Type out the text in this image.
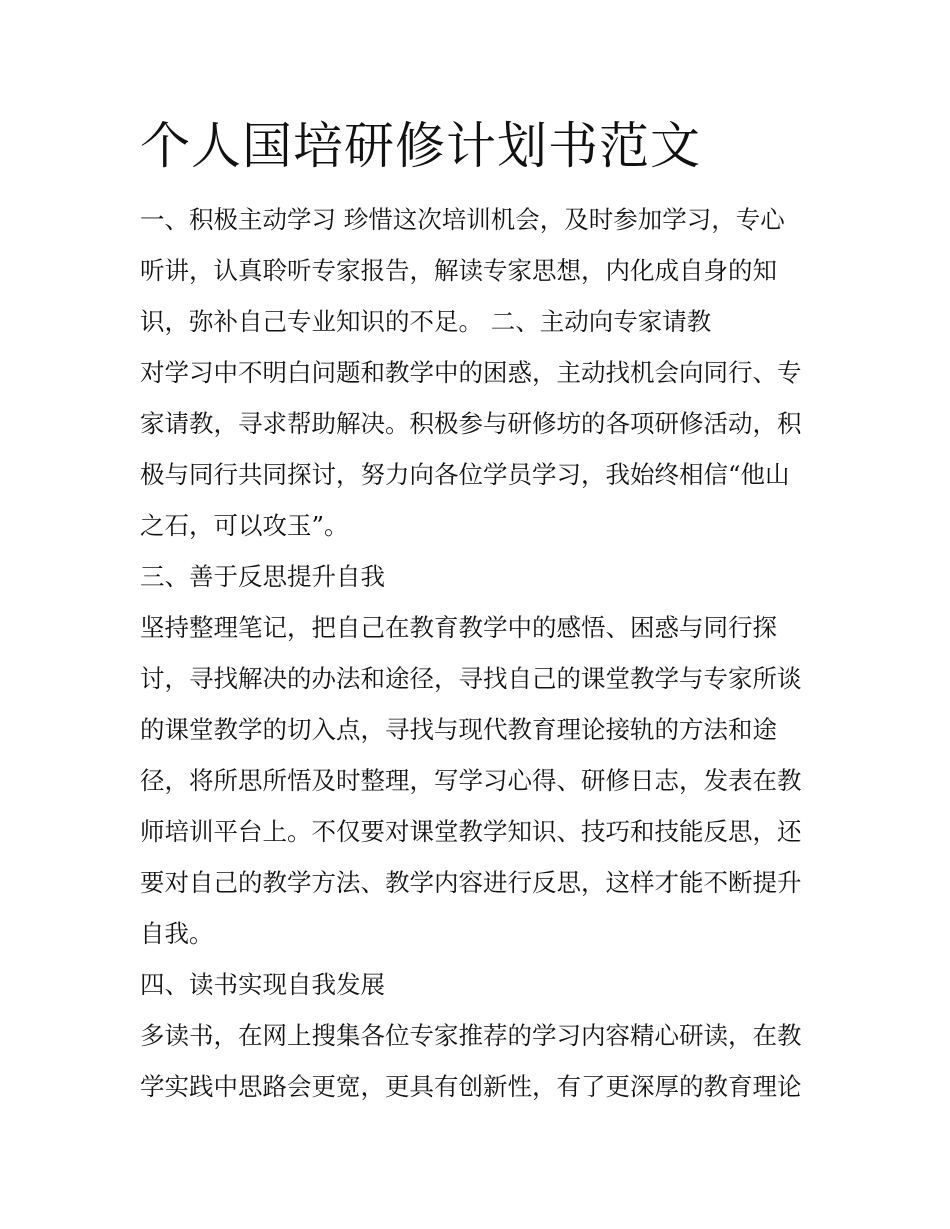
个人国培研修计划书范文

一、积极主动学习 珍惜这次培训机会，及时参加学习，专心

听讲，认真聆听专家报告，解读专家思想，内化成自身的知

识，弥补自己专业知识的不足。 二、主动向专家请教

对学习中不明白问题和教学中的困惑，主动找机会向同行、专

家请教，寻求帮助解决。积极参与研修坊的各项研修活动，积

极与同行共同探讨，努力向各位学员学习，我始终相信“他山

之石，可以攻玉”。

三、善于反思提升自我

坚持整理笔记，把自己在教育教学中的感悟、困惑与同行探

讨，寻找解决的办法和途径，寻找自己的课堂教学与专家所谈

的课堂教学的切入点，寻找与现代教育理论接轨的方法和途

径，将所思所悟及时整理，写学习心得、研修日志，发表在教

师培训平台上。不仅要对课堂教学知识、技巧和技能反思，还

要对自己的教学方法、教学内容进行反思，这样才能不断提升

自我。

四、读书实现自我发展

多读书，在网上搜集各位专家推荐的学习内容精心研读，在教

学实践中思路会更宽，更具有创新性，有了更深厚的教育理论
